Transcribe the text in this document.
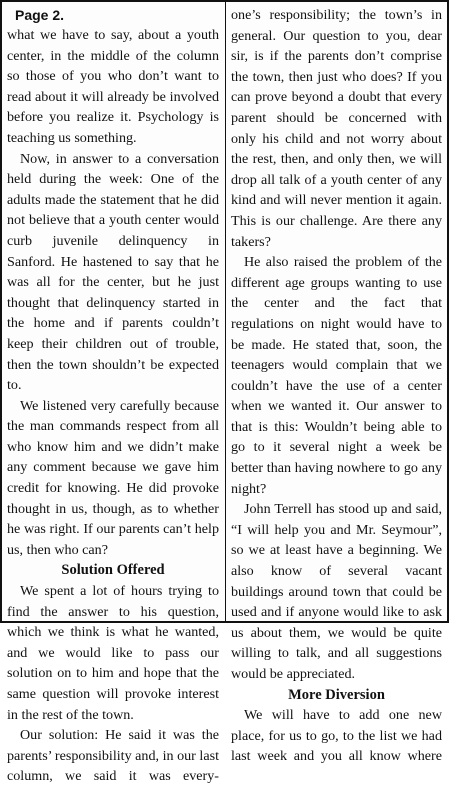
Page 2.

what we have to say, about a youth center, in the middle of the column so those of you who don’t want to read about it will already be involved before you realize it. Psychology is teaching us something.

Now, in answer to a conversation held during the week: One of the adults made the statement that he did not believe that a youth center would curb juvenile delinquency in Sanford. He hastened to say that he was all for the center, but he just thought that delinquency started in the home and if parents couldn’t keep their children out of trouble, then the town shouldn’t be expected to.

We listened very carefully because the man commands respect from all who know him and we didn’t make any comment because we gave him credit for knowing. He did provoke thought in us, though, as to whether he was right. If our parents can’t help us, then who can?

Solution Offered

We spent a lot of hours trying to find the answer to his question, which we think is what he wanted, and we would like to pass our solution on to him and hope that the same question will provoke interest in the rest of the town.

Our solution: He said it was the parents’ responsibility and, in our last column, we said it was every-

one’s responsibility; the town’s in general. Our question to you, dear sir, is if the parents don’t comprise the town, then just who does? If you can prove beyond a doubt that every parent should be concerned with only his child and not worry about the rest, then, and only then, we will drop all talk of a youth center of any kind and will never mention it again. This is our challenge. Are there any takers?

He also raised the problem of the different age groups wanting to use the center and the fact that regulations on night would have to be made. He stated that, soon, the teenagers would complain that we couldn’t have the use of a center when we wanted it. Our answer to that is this: Wouldn’t being able to go to it several night a week be better than having nowhere to go any night?

John Terrell has stood up and said, “I will help you and Mr. Seymour”, so we at least have a beginning. We also know of several vacant buildings around town that could be used and if anyone would like to ask us about them, we would be quite willing to talk, and all suggestions would be appreciated.

More Diversion

We will have to add one new place, for us to go, to the list we had last week and you all know where
